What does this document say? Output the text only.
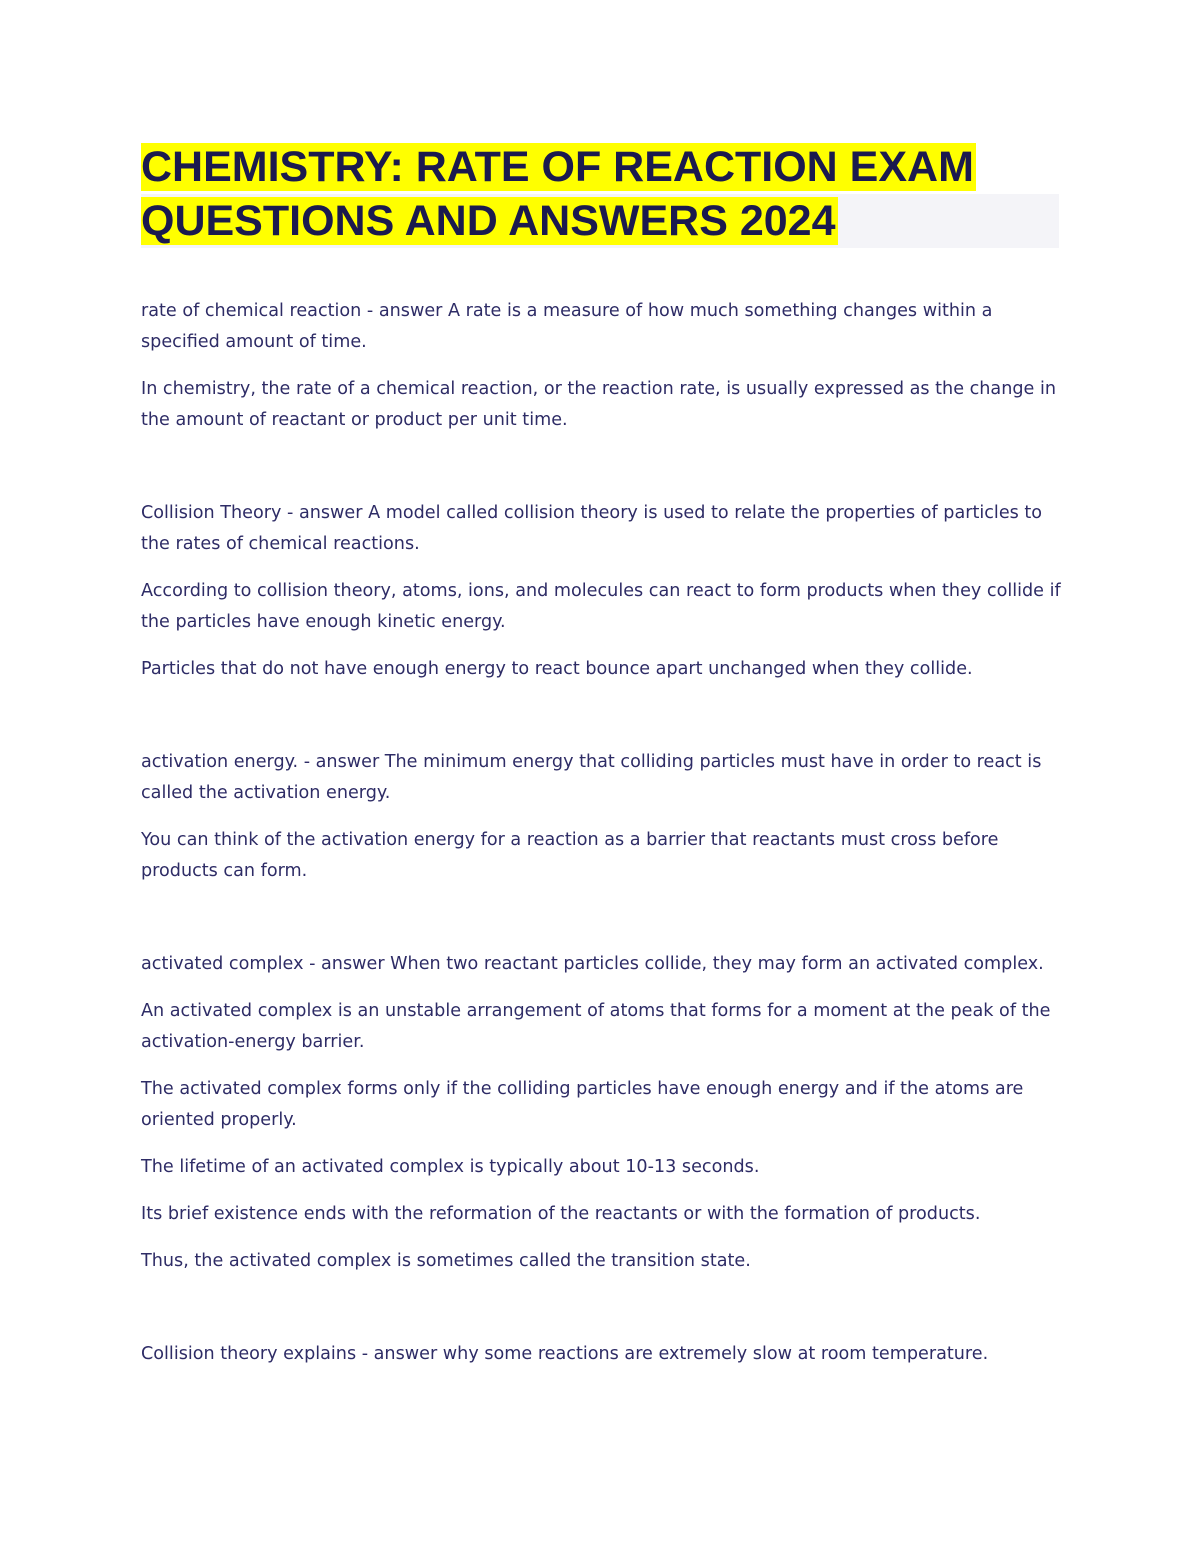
CHEMISTRY: RATE OF REACTION EXAM
QUESTIONS AND ANSWERS 2024

rate of chemical reaction - answer A rate is a measure of how much something changes within a specified amount of time.

In chemistry, the rate of a chemical reaction, or the reaction rate, is usually expressed as the change in the amount of reactant or product per unit time.

Collision Theory - answer A model called collision theory is used to relate the properties of particles to the rates of chemical reactions.

According to collision theory, atoms, ions, and molecules can react to form products when they collide if the particles have enough kinetic energy.

Particles that do not have enough energy to react bounce apart unchanged when they collide.

activation energy. - answer The minimum energy that colliding particles must have in order to react is called the activation energy.

You can think of the activation energy for a reaction as a barrier that reactants must cross before products can form.

activated complex - answer When two reactant particles collide, they may form an activated complex.

An activated complex is an unstable arrangement of atoms that forms for a moment at the peak of the activation-energy barrier.

The activated complex forms only if the colliding particles have enough energy and if the atoms are oriented properly.

The lifetime of an activated complex is typically about 10-13 seconds.

Its brief existence ends with the reformation of the reactants or with the formation of products.

Thus, the activated complex is sometimes called the transition state.

Collision theory explains - answer why some reactions are extremely slow at room temperature.
